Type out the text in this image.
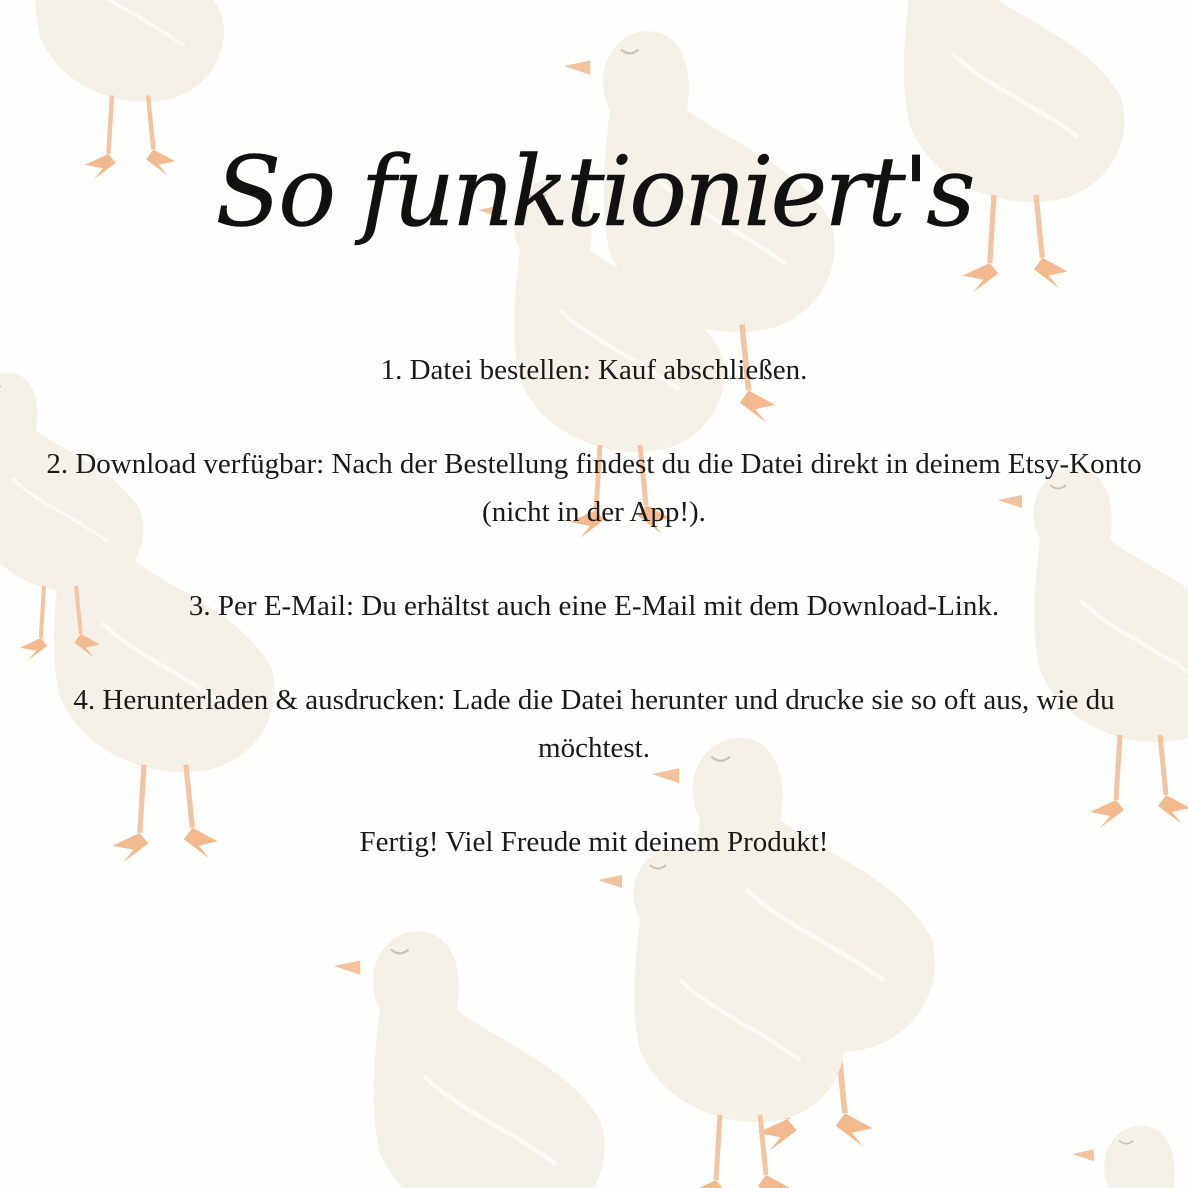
So funktioniert's

1. Datei bestellen: Kauf abschließen.

2. Download verfügbar: Nach der Bestellung findest du die Datei direkt in deinem Etsy-Konto (nicht in der App!).

3. Per E-Mail: Du erhältst auch eine E-Mail mit dem Download-Link.

4. Herunterladen & ausdrucken: Lade die Datei herunter und drucke sie so oft aus, wie du möchtest.

Fertig! Viel Freude mit deinem Produkt!
